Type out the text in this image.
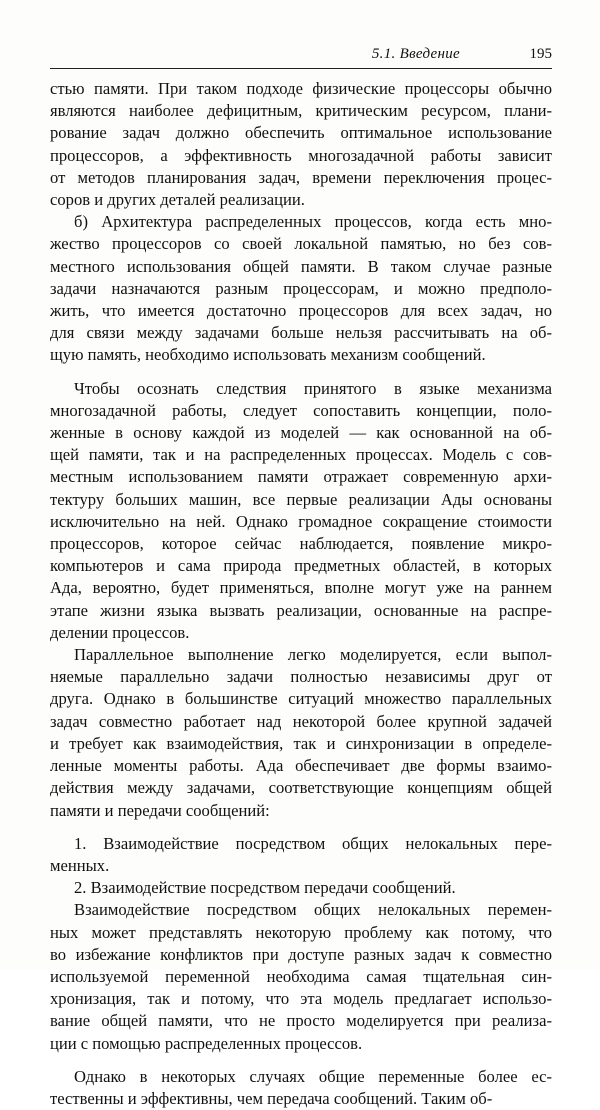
5.1. Введение	195

стью памяти. При таком подходе физические процессоры обычно

являются наиболее дефицитным, критическим ресурсом, плани-

рование задач должно обеспечить оптимальное использование

процессоров, а эффективность многозадачной работы зависит

от методов планирования задач, времени переключения процес-

соров и других деталей реализации.

б) Архитектура распределенных процессов, когда есть мно-

жество процессоров со своей локальной памятью, но без сов-

местного использования общей памяти. В таком случае разные

задачи назначаются разным процессорам, и можно предполо-

жить, что имеется достаточно процессоров для всех задач, но

для связи между задачами больше нельзя рассчитывать на об-

щую память, необходимо использовать механизм сообщений.

Чтобы осознать следствия принятого в языке механизма

многозадачной работы, следует сопоставить концепции, поло-

женные в основу каждой из моделей — как основанной на об-

щей памяти, так и на распределенных процессах. Модель с сов-

местным использованием памяти отражает современную архи-

тектуру больших машин, все первые реализации Ады основаны

исключительно на ней. Однако громадное сокращение стоимости

процессоров, которое сейчас наблюдается, появление микро-

компьютеров и сама природа предметных областей, в которых

Ада, вероятно, будет применяться, вполне могут уже на раннем

этапе жизни языка вызвать реализации, основанные на распре-

делении процессов.

Параллельное выполнение легко моделируется, если выпол-

няемые параллельно задачи полностью независимы друг от

друга. Однако в большинстве ситуаций множество параллельных

задач совместно работает над некоторой более крупной задачей

и требует как взаимодействия, так и синхронизации в определе-

ленные моменты работы. Ада обеспечивает две формы взаимо-

действия между задачами, соответствующие концепциям общей

памяти и передачи сообщений:

1. Взаимодействие посредством общих нелокальных пере-

менных.

2. Взаимодействие посредством передачи сообщений.

Взаимодействие посредством общих нелокальных перемен-

ных может представлять некоторую проблему как потому, что

во избежание конфликтов при доступе разных задач к совместно

используемой переменной необходима самая тщательная син-

хронизация, так и потому, что эта модель предлагает использо-

вание общей памяти, что не просто моделируется при реализа-

ции с помощью распределенных процессов.

Однако в некоторых случаях общие переменные более ес-

тественны и эффективны, чем передача сообщений. Таким об-
